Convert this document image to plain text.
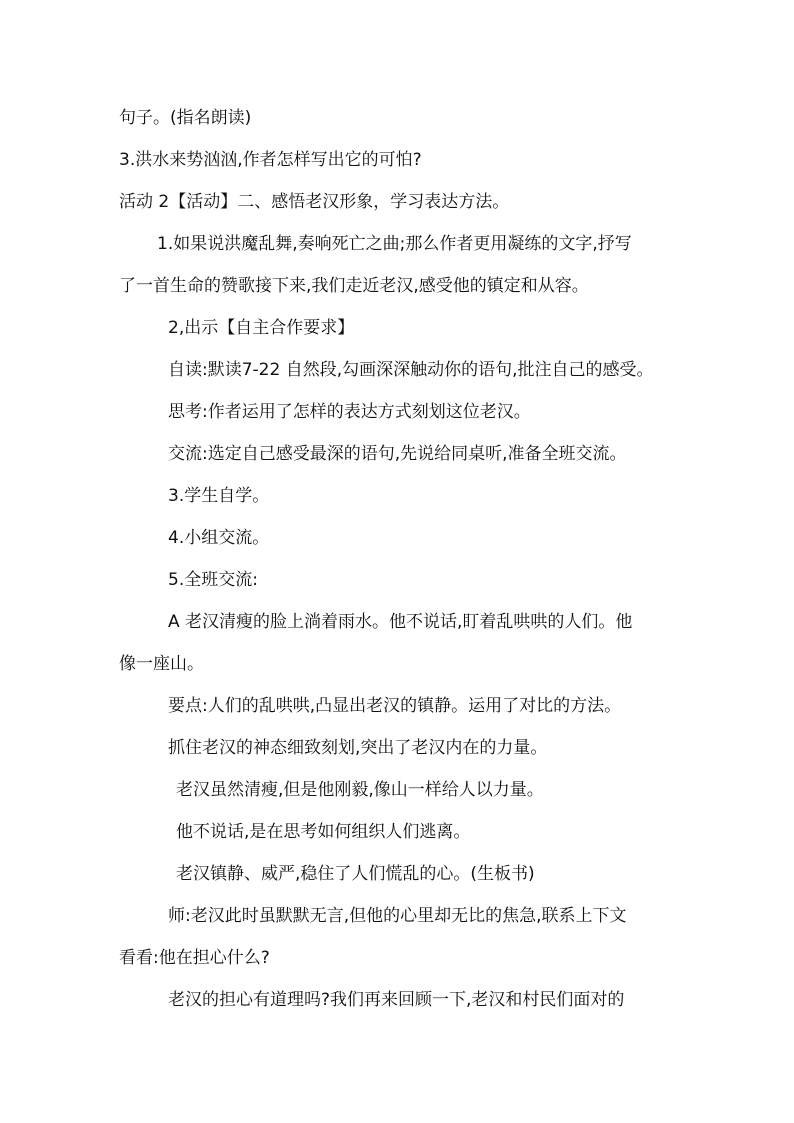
句子。(指名朗读)
3.洪水来势汹汹,作者怎样写出它的可怕?
活动 2【活动】二、感悟老汉形象，学习表达方法。
1.如果说洪魔乱舞,奏响死亡之曲;那么作者更用凝练的文字,抒写
了一首生命的赞歌接下来,我们走近老汉,感受他的镇定和从容。
2,出示【自主合作要求】
自读:默读7-22 自然段,勾画深深触动你的语句,批注自己的感受。
思考:作者运用了怎样的表达方式刻划这位老汉。
交流:选定自己感受最深的语句,先说给同桌听,准备全班交流。
3.学生自学。
4.小组交流。
5.全班交流:
A 老汉清瘦的脸上淌着雨水。他不说话,盯着乱哄哄的人们。他
像一座山。
要点:人们的乱哄哄,凸显出老汉的镇静。运用了对比的方法。
抓住老汉的神态细致刻划,突出了老汉内在的力量。
老汉虽然清瘦,但是他刚毅,像山一样给人以力量。
他不说话,是在思考如何组织人们逃离。
老汉镇静、威严,稳住了人们慌乱的心。(生板书)
师:老汉此时虽默默无言,但他的心里却无比的焦急,联系上下文
看看:他在担心什么?
老汉的担心有道理吗?我们再来回顾一下,老汉和村民们面对的
